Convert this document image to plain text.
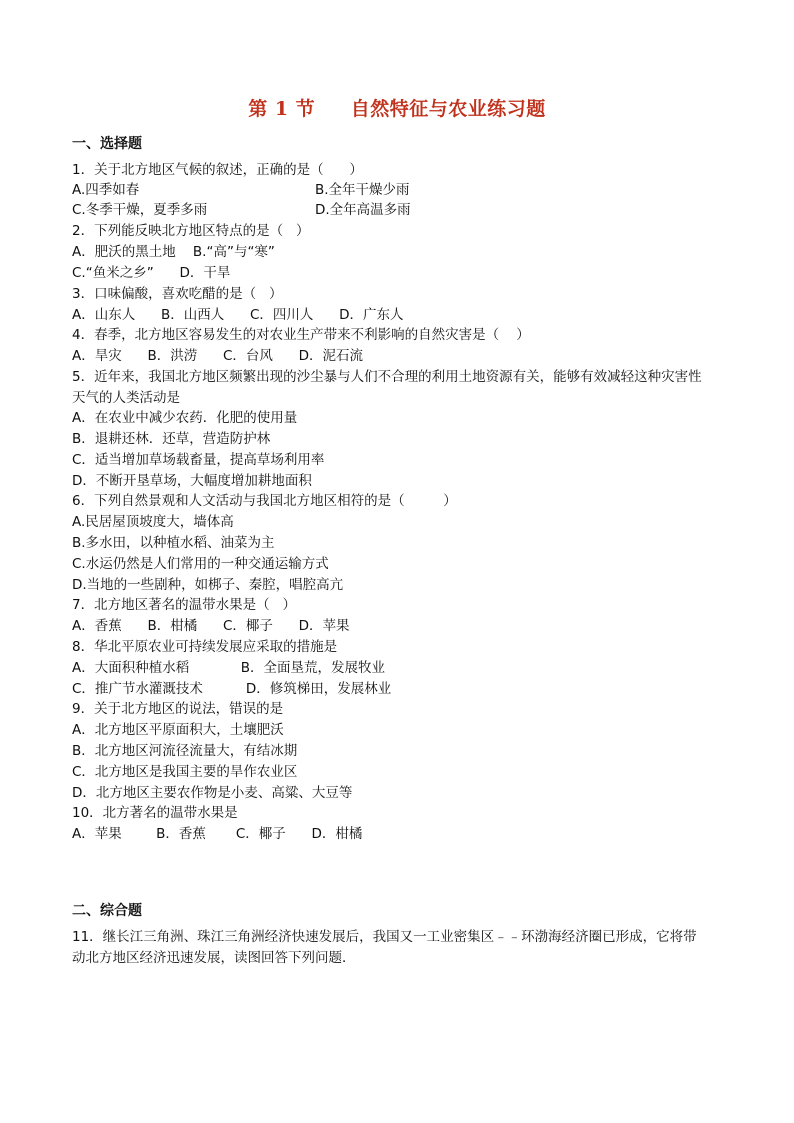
第 1 节     自然特征与农业练习题
一、选择题
1．关于北方地区气候的叙述，正确的是（      ）
A.四季如春	B.全年干燥少雨
C.冬季干燥，夏季多雨	D.全年高温多雨
2．下列能反映北方地区特点的是（   ）
A．肥沃的黑土地    B.“高”与“寒”
C.“鱼米之乡”      D．干旱
3．口味偏酸，喜欢吃醋的是（   ）
A．山东人      B．山西人      C．四川人      D．广东人
4．春季，北方地区容易发生的对农业生产带来不利影响的自然灾害是（    ）
A．旱灾      B．洪涝      C．台风      D．泥石流
5．近年来，我国北方地区频繁出现的沙尘暴与人们不合理的利用土地资源有关，能够有效减轻这种灾害性
天气的人类活动是
A．在农业中减少农药．化肥的使用量
B．退耕还林．还草，营造防护林
C．适当增加草场载畜量，提高草场利用率
D．不断开垦草场，大幅度增加耕地面积
6．下列自然景观和人文活动与我国北方地区相符的是（         ）
A.民居屋顶坡度大，墙体高
B.多水田，以种植水稻、油菜为主
C.水运仍然是人们常用的一种交通运输方式
D.当地的一些剧种，如梆子、秦腔，唱腔高亢
7．北方地区著名的温带水果是（   ）
A．香蕉      B．柑橘      C．椰子      D．苹果
8．华北平原农业可持续发展应采取的措施是
A．大面积种植水稻            B．全面垦荒，发展牧业
C．推广节水灌溉技术          D．修筑梯田，发展林业
9．关于北方地区的说法，错误的是
A．北方地区平原面积大，土壤肥沃
B．北方地区河流径流量大，有结冰期
C．北方地区是我国主要的旱作农业区
D．北方地区主要农作物是小麦、高粱、大豆等
10．北方著名的温带水果是
A．苹果        B．香蕉       C．椰子      D．柑橘
二、综合题
11．继长江三角洲、珠江三角洲经济快速发展后，我国又一工业密集区﹣﹣环渤海经济圈已形成，它将带
动北方地区经济迅速发展，读图回答下列问题．
